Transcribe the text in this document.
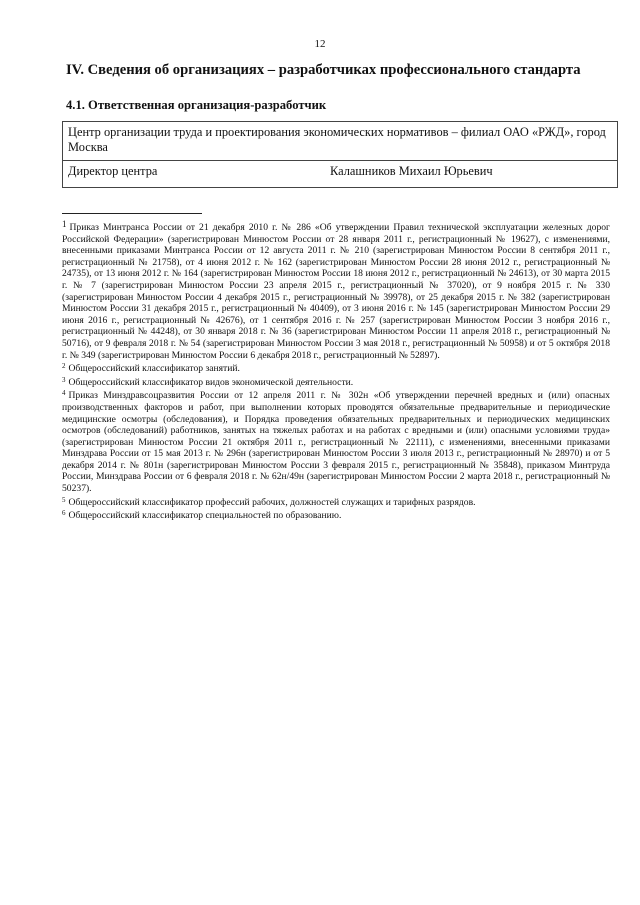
12
IV. Сведения об организациях – разработчиках профессионального стандарта
4.1. Ответственная организация-разработчик
Центр организации труда и проектирования экономических нормативов – филиал ОАО «РЖД», город Москва
Директор центра	Калашников Михаил Юрьевич

$^1$ Приказ Минтранса России от 21 декабря 2010 г. № 286 «Об утверждении Правил технической эксплуатации железных дорог Российской Федерации» (зарегистрирован Минюстом России от 28 января 2011 г., регистрационный № 19627), с изменениями, внесенными приказами Минтранса России от 12 августа 2011 г. № 210 (зарегистрирован Минюстом России 8 сентября 2011 г., регистрационный № 21758), от 4 июня 2012 г. № 162 (зарегистрирован Минюстом России 28 июня 2012 г., регистрационный № 24735), от 13 июня 2012 г. № 164 (зарегистрирован Минюстом России 18 июня 2012 г., регистрационный № 24613), от 30 марта 2015 г. № 7 (зарегистрирован Минюстом России 23 апреля 2015 г., регистрационный № 37020), от 9 ноября 2015 г. № 330 (зарегистрирован Минюстом России 4 декабря 2015 г., регистрационный № 39978), от 25 декабря 2015 г. № 382 (зарегистрирован Минюстом России 31 декабря 2015 г., регистрационный № 40409), от 3 июня 2016 г. № 145 (зарегистрирован Минюстом России 29 июня 2016 г., регистрационный № 42676), от 1 сентября 2016 г. № 257 (зарегистрирован Минюстом России 3 ноября 2016 г., регистрационный № 44248), от 30 января 2018 г. № 36 (зарегистрирован Минюстом России 11 апреля 2018 г., регистрационный № 50716), от 9 февраля 2018 г. № 54 (зарегистрирован Минюстом России 3 мая 2018 г., регистрационный № 50958) и от 5 октября 2018 г. № 349 (зарегистрирован Минюстом России 6 декабря 2018 г., регистрационный № 52897).

$^2$ Общероссийский классификатор занятий.

$^3$ Общероссийский классификатор видов экономической деятельности.

$^4$ Приказ Минздравсоцразвития России от 12 апреля 2011 г. № 302н «Об утверждении перечней вредных и (или) опасных производственных факторов и работ, при выполнении которых проводятся обязательные предварительные и периодические медицинские осмотры (обследования), и Порядка проведения обязательных предварительных и периодических медицинских осмотров (обследований) работников, занятых на тяжелых работах и на работах с вредными и (или) опасными условиями труда» (зарегистрирован Минюстом России 21 октября 2011 г., регистрационный № 22111), с изменениями, внесенными приказами Минздрава России от 15 мая 2013 г. № 296н (зарегистрирован Минюстом России 3 июля 2013 г., регистрационный № 28970) и от 5 декабря 2014 г. № 801н (зарегистрирован Минюстом России 3 февраля 2015 г., регистрационный № 35848), приказом Минтруда России, Минздрава России от 6 февраля 2018 г. № 62н/49н (зарегистрирован Минюстом России 2 марта 2018 г., регистрационный № 50237).

$^5$ Общероссийский классификатор профессий рабочих, должностей служащих и тарифных разрядов.

$^6$ Общероссийский классификатор специальностей по образованию.
